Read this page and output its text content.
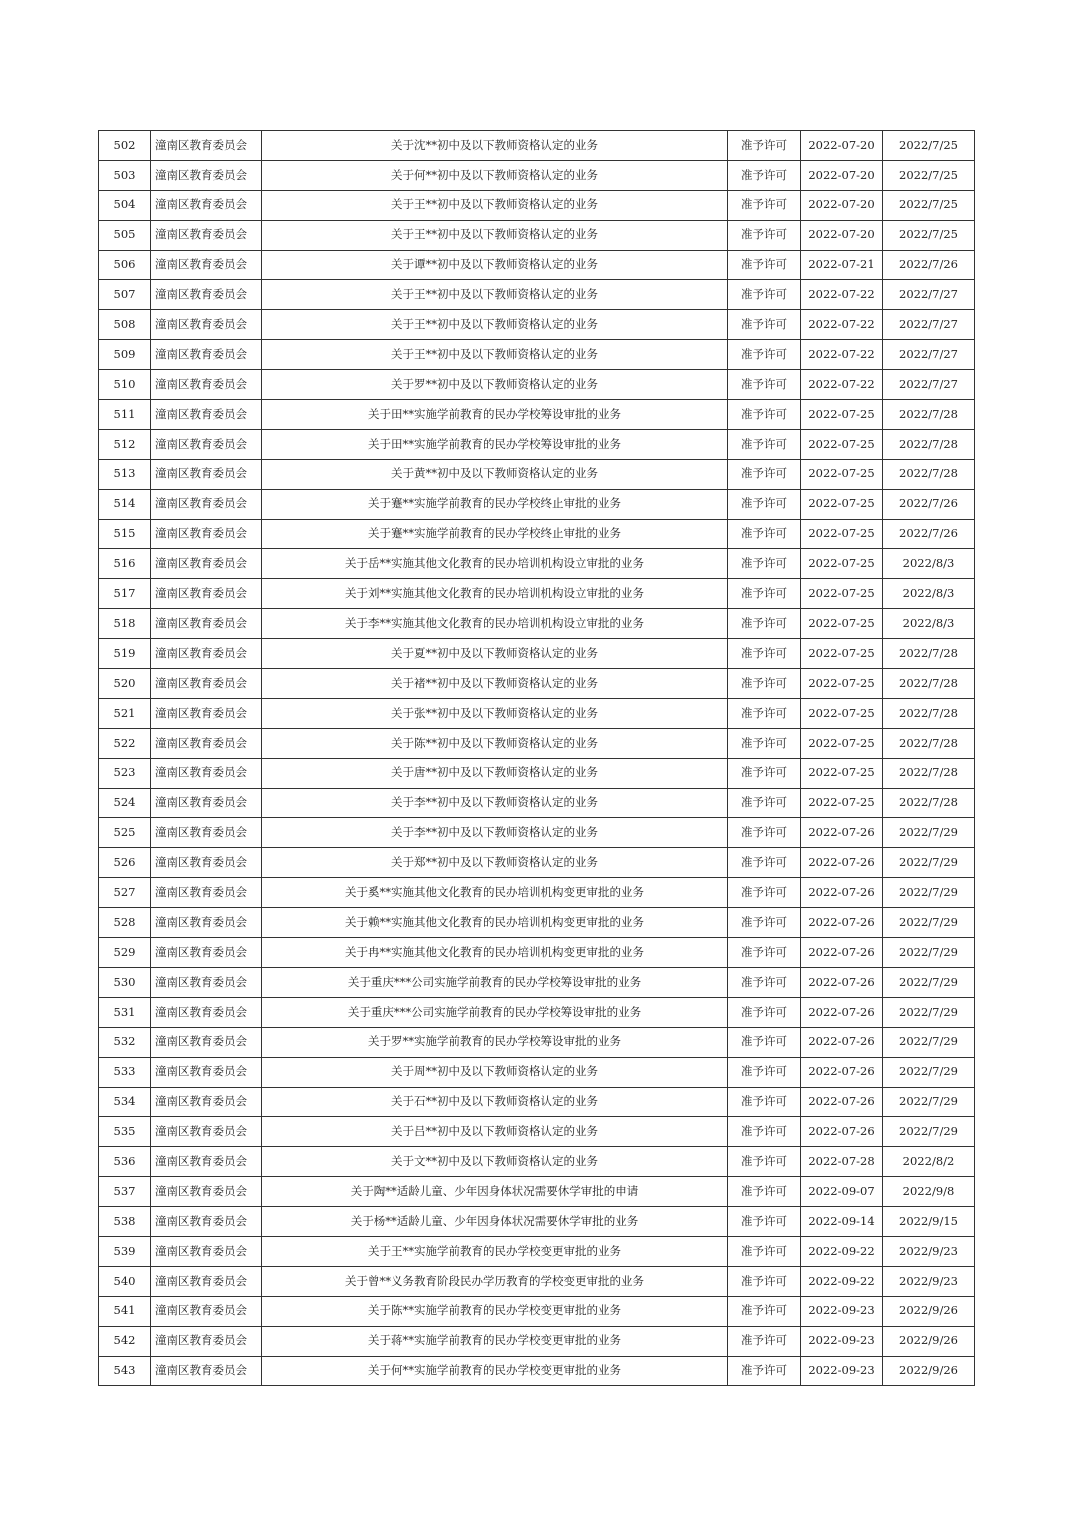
502	潼南区教育委员会	关于沈**初中及以下教师资格认定的业务	准予许可	2022-07-20	2022/7/25
503	潼南区教育委员会	关于何**初中及以下教师资格认定的业务	准予许可	2022-07-20	2022/7/25
504	潼南区教育委员会	关于王**初中及以下教师资格认定的业务	准予许可	2022-07-20	2022/7/25
505	潼南区教育委员会	关于王**初中及以下教师资格认定的业务	准予许可	2022-07-20	2022/7/25
506	潼南区教育委员会	关于谭**初中及以下教师资格认定的业务	准予许可	2022-07-21	2022/7/26
507	潼南区教育委员会	关于王**初中及以下教师资格认定的业务	准予许可	2022-07-22	2022/7/27
508	潼南区教育委员会	关于王**初中及以下教师资格认定的业务	准予许可	2022-07-22	2022/7/27
509	潼南区教育委员会	关于王**初中及以下教师资格认定的业务	准予许可	2022-07-22	2022/7/27
510	潼南区教育委员会	关于罗**初中及以下教师资格认定的业务	准予许可	2022-07-22	2022/7/27
511	潼南区教育委员会	关于田**实施学前教育的民办学校筹设审批的业务	准予许可	2022-07-25	2022/7/28
512	潼南区教育委员会	关于田**实施学前教育的民办学校筹设审批的业务	准予许可	2022-07-25	2022/7/28
513	潼南区教育委员会	关于黄**初中及以下教师资格认定的业务	准予许可	2022-07-25	2022/7/28
514	潼南区教育委员会	关于蹇**实施学前教育的民办学校终止审批的业务	准予许可	2022-07-25	2022/7/26
515	潼南区教育委员会	关于蹇**实施学前教育的民办学校终止审批的业务	准予许可	2022-07-25	2022/7/26
516	潼南区教育委员会	关于岳**实施其他文化教育的民办培训机构设立审批的业务	准予许可	2022-07-25	2022/8/3
517	潼南区教育委员会	关于刘**实施其他文化教育的民办培训机构设立审批的业务	准予许可	2022-07-25	2022/8/3
518	潼南区教育委员会	关于李**实施其他文化教育的民办培训机构设立审批的业务	准予许可	2022-07-25	2022/8/3
519	潼南区教育委员会	关于夏**初中及以下教师资格认定的业务	准予许可	2022-07-25	2022/7/28
520	潼南区教育委员会	关于褚**初中及以下教师资格认定的业务	准予许可	2022-07-25	2022/7/28
521	潼南区教育委员会	关于张**初中及以下教师资格认定的业务	准予许可	2022-07-25	2022/7/28
522	潼南区教育委员会	关于陈**初中及以下教师资格认定的业务	准予许可	2022-07-25	2022/7/28
523	潼南区教育委员会	关于唐**初中及以下教师资格认定的业务	准予许可	2022-07-25	2022/7/28
524	潼南区教育委员会	关于李**初中及以下教师资格认定的业务	准予许可	2022-07-25	2022/7/28
525	潼南区教育委员会	关于李**初中及以下教师资格认定的业务	准予许可	2022-07-26	2022/7/29
526	潼南区教育委员会	关于郑**初中及以下教师资格认定的业务	准予许可	2022-07-26	2022/7/29
527	潼南区教育委员会	关于奚**实施其他文化教育的民办培训机构变更审批的业务	准予许可	2022-07-26	2022/7/29
528	潼南区教育委员会	关于赖**实施其他文化教育的民办培训机构变更审批的业务	准予许可	2022-07-26	2022/7/29
529	潼南区教育委员会	关于冉**实施其他文化教育的民办培训机构变更审批的业务	准予许可	2022-07-26	2022/7/29
530	潼南区教育委员会	关于重庆***公司实施学前教育的民办学校筹设审批的业务	准予许可	2022-07-26	2022/7/29
531	潼南区教育委员会	关于重庆***公司实施学前教育的民办学校筹设审批的业务	准予许可	2022-07-26	2022/7/29
532	潼南区教育委员会	关于罗**实施学前教育的民办学校筹设审批的业务	准予许可	2022-07-26	2022/7/29
533	潼南区教育委员会	关于周**初中及以下教师资格认定的业务	准予许可	2022-07-26	2022/7/29
534	潼南区教育委员会	关于石**初中及以下教师资格认定的业务	准予许可	2022-07-26	2022/7/29
535	潼南区教育委员会	关于吕**初中及以下教师资格认定的业务	准予许可	2022-07-26	2022/7/29
536	潼南区教育委员会	关于文**初中及以下教师资格认定的业务	准予许可	2022-07-28	2022/8/2
537	潼南区教育委员会	关于陶**适龄儿童、少年因身体状况需要休学审批的申请	准予许可	2022-09-07	2022/9/8
538	潼南区教育委员会	关于杨**适龄儿童、少年因身体状况需要休学审批的业务	准予许可	2022-09-14	2022/9/15
539	潼南区教育委员会	关于王**实施学前教育的民办学校变更审批的业务	准予许可	2022-09-22	2022/9/23
540	潼南区教育委员会	关于曾**义务教育阶段民办学历教育的学校变更审批的业务	准予许可	2022-09-22	2022/9/23
541	潼南区教育委员会	关于陈**实施学前教育的民办学校变更审批的业务	准予许可	2022-09-23	2022/9/26
542	潼南区教育委员会	关于蒋**实施学前教育的民办学校变更审批的业务	准予许可	2022-09-23	2022/9/26
543	潼南区教育委员会	关于何**实施学前教育的民办学校变更审批的业务	准予许可	2022-09-23	2022/9/26
